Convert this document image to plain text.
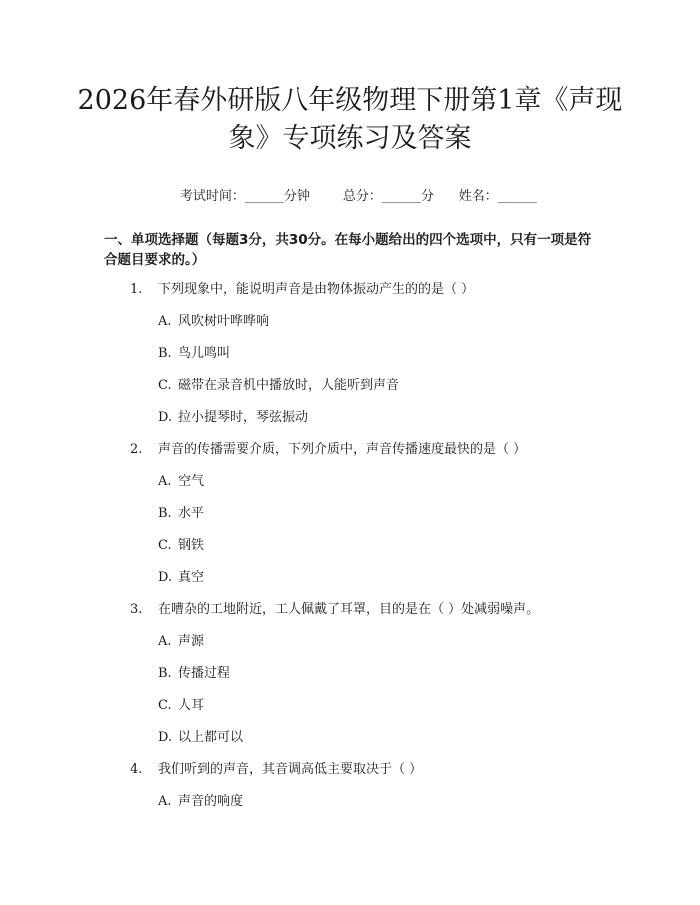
2026年春外研版八年级物理下册第1章《声现象》专项练习及答案

考试时间：______分钟	总分：______分 姓名：______

一、单项选择题（每题3分，共30分。在每小题给出的四个选项中，只有一项是符合题目要求的。）

1. 下列现象中，能说明声音是由物体振动产生的的是（ ）
A. 风吹树叶哗哗响
B. 鸟儿鸣叫
C. 磁带在录音机中播放时，人能听到声音
D. 拉小提琴时，琴弦振动
2. 声音的传播需要介质，下列介质中，声音传播速度最快的是（ ）
A. 空气
B. 水平
C. 钢铁
D. 真空
3. 在嘈杂的工地附近，工人佩戴了耳罩，目的是在（ ）处减弱噪声。
A. 声源
B. 传播过程
C. 人耳
D. 以上都可以
4. 我们听到的声音，其音调高低主要取决于（ ）
A. 声音的响度
